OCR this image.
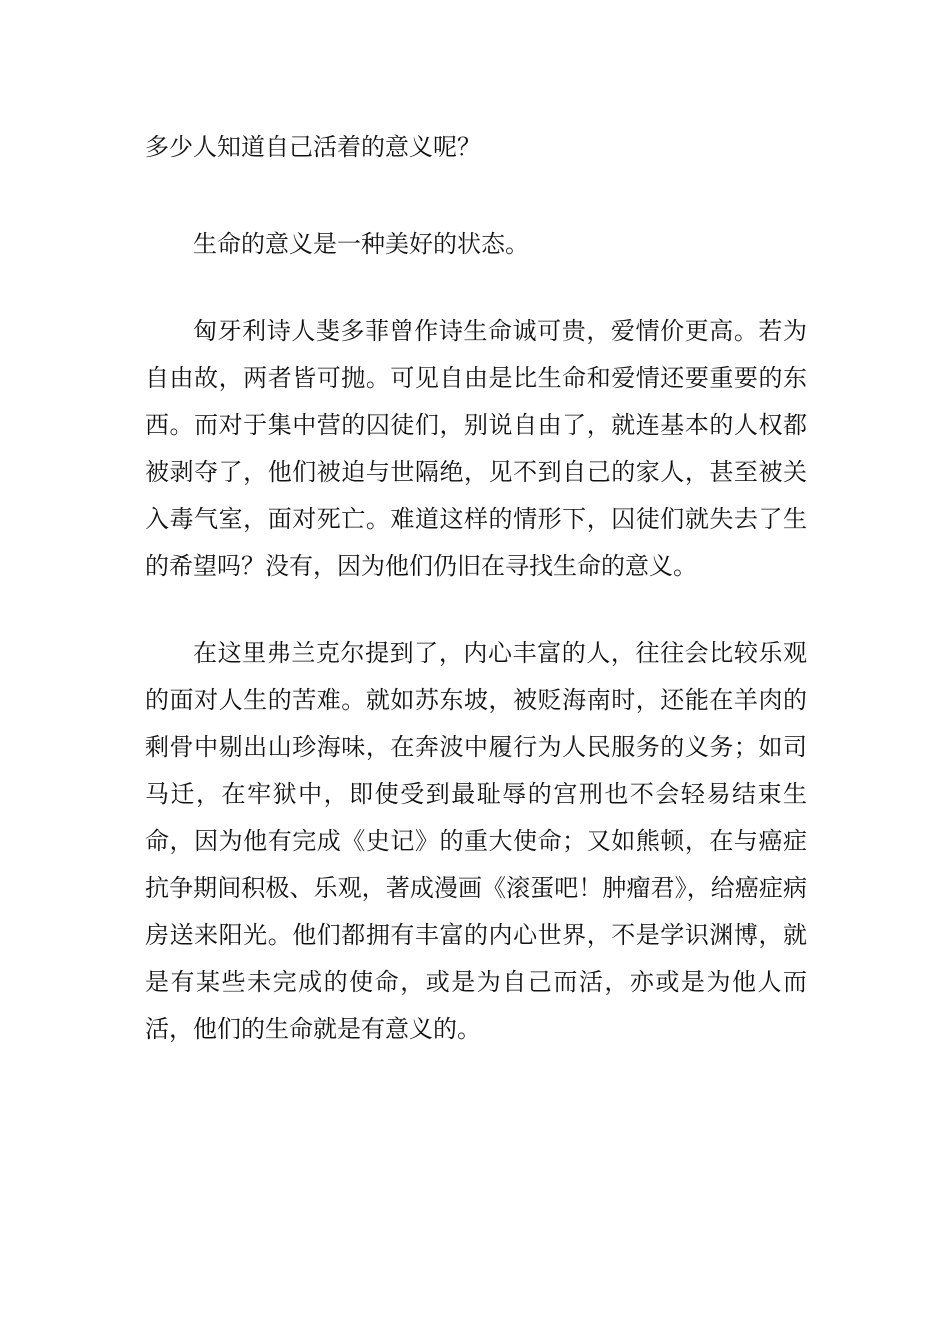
多少人知道自己活着的意义呢？

生命的意义是一种美好的状态。

匈牙利诗人斐多菲曾作诗生命诚可贵，爱情价更高。若为自由故，两者皆可抛。可见自由是比生命和爱情还要重要的东西。而对于集中营的囚徒们，别说自由了，就连基本的人权都被剥夺了，他们被迫与世隔绝，见不到自己的家人，甚至被关入毒气室，面对死亡。难道这样的情形下，囚徒们就失去了生的希望吗？没有，因为他们仍旧在寻找生命的意义。

在这里弗兰克尔提到了，内心丰富的人，往往会比较乐观的面对人生的苦难。就如苏东坡，被贬海南时，还能在羊肉的剩骨中剔出山珍海味，在奔波中履行为人民服务的义务；如司马迁，在牢狱中，即使受到最耻辱的宫刑也不会轻易结束生命，因为他有完成《史记》的重大使命；又如熊顿，在与癌症抗争期间积极、乐观，著成漫画《滚蛋吧！肿瘤君》，给癌症病房送来阳光。他们都拥有丰富的内心世界，不是学识渊博，就是有某些未完成的使命，或是为自己而活，亦或是为他人而活，他们的生命就是有意义的。
